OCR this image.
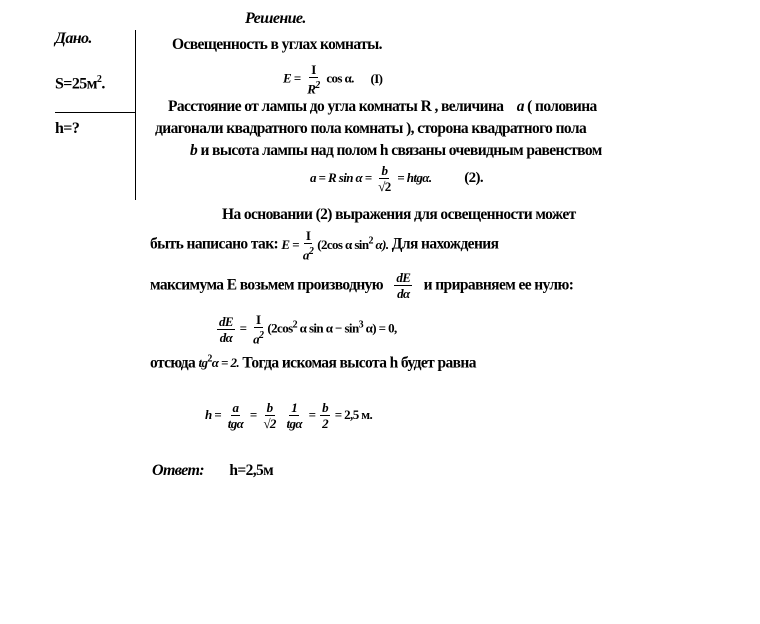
Решение.
Дано.
$S=25м^2$.
h=?
Освещенность в углах комнаты.
$E = \frac{I}{R^2}$ cos α. (I)
Расстояние от лампы до угла комнаты R , величина a ( половина
диагонали квадратного пола комнаты ), сторона квадратного пола
b и высота лампы над полом h связаны очевидным равенством
a = R $\sin \alpha = \frac{b}{√2} = htg\alpha$. (2).
На основании (2) выражения для освещенности может
быть написано так: $E = \frac{I}{a^2} (2\cos$ α $\sin^2 \alpha$). Для нахождения
максимума E возьмем производную $\frac{dE}{d\alpha}$ и приравняем ее нулю:
$\frac{dE}{d\alpha} = \frac{I}{a^2} (2\cos^2$ α $\sin \alpha - \sin^3 \alpha) = 0$,
отсюда $tg^2\alpha = 2$. Тогда искомая высота h будет равна
$h = \frac{a}{\text{tgα}} = \frac{b}{√2}$
$\frac{1}{\text{tgα}} = \frac{b}{2} = 2,5$ м.
Ответ: h=2,5м
